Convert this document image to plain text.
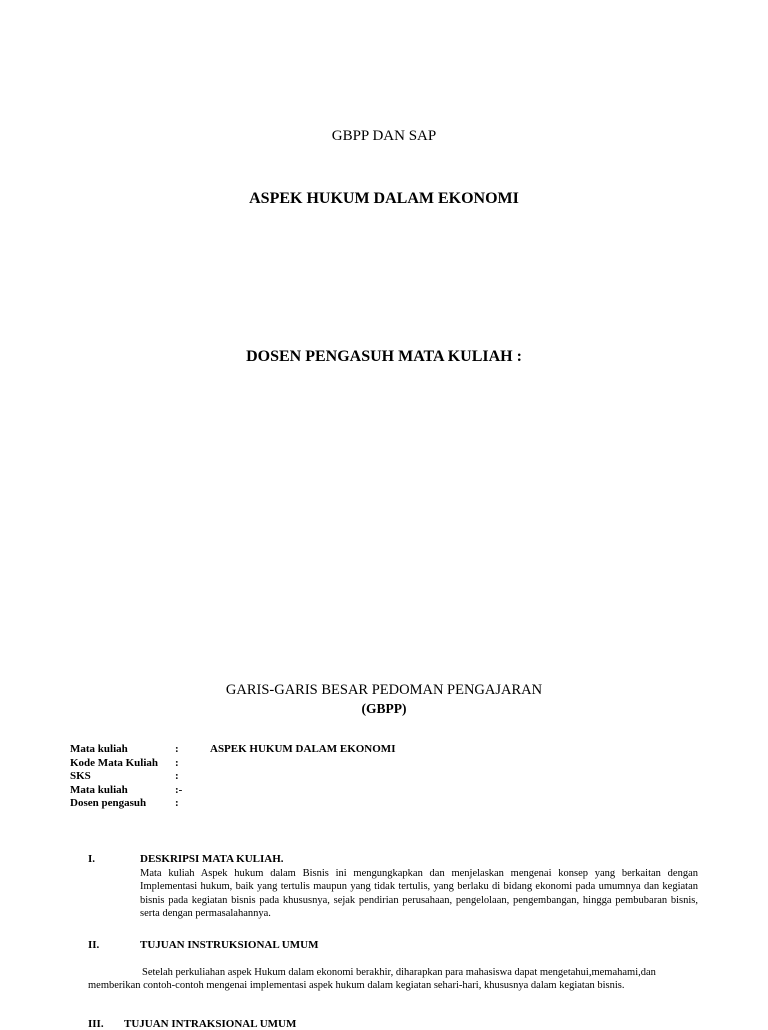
GBPP DAN SAP
ASPEK HUKUM DALAM EKONOMI
DOSEN PENGASUH MATA KULIAH :
GARIS-GARIS BESAR PEDOMAN PENGAJARAN
(GBPP)
Mata kuliah	:	ASPEK HUKUM DALAM EKONOMI
Kode Mata Kuliah	:
SKS	:
Mata kuliah	:-
Dosen pengasuh	:
I.	DESKRIPSI MATA KULIAH.
Mata kuliah Aspek hukum dalam Bisnis ini mengungkapkan dan menjelaskan mengenai konsep yang berkaitan dengan Implementasi hukum, baik yang tertulis maupun yang tidak tertulis, yang berlaku di bidang ekonomi pada umumnya dan kegiatan bisnis pada kegiatan bisnis pada khususnya, sejak pendirian perusahaan, pengelolaan, pengembangan, hingga pembubaran bisnis, serta dengan permasalahannya.
II.	TUJUAN INSTRUKSIONAL UMUM
Setelah perkuliahan aspek Hukum dalam ekonomi berakhir, diharapkan para mahasiswa dapat mengetahui,memahami,dan memberikan contoh-contoh mengenai implementasi aspek hukum dalam kegiatan sehari-hari, khususnya dalam kegiatan bisnis.
III. TUJUAN INTRAKSIONAL UMUM
